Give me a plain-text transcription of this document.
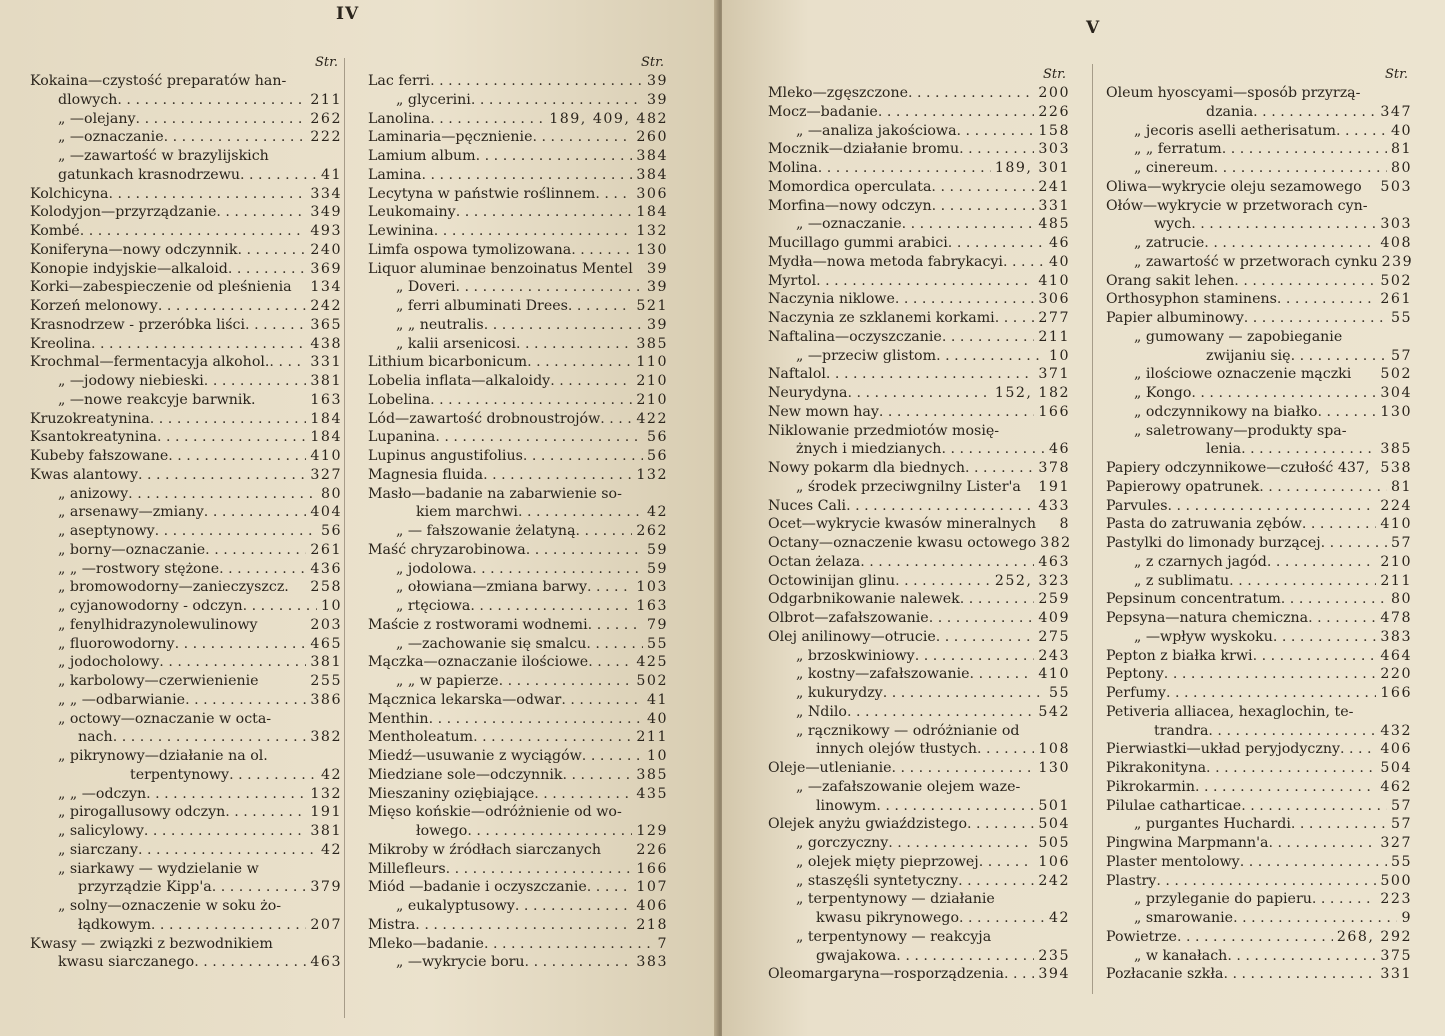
IV
Str.
Kokaina—czystość preparatów han-
dlowych . . .	211
„ —olejany . . .	262
„ —oznaczanie . . .	222
„ —zawartość w brazylijskich
gatunkach krasnodrzewu . . .	41
Kolchicyna . . .	334
Kolodyjon—przyrządzanie . . .	349
Kombé . . .	493
Koniferyna—nowy odczynnik . . .	240
Konopie indyjskie—alkaloid . . .	369
Korki—zabespieczenie od pleśnienia 134
Korzeń melonowy . . .	242
Krasnodrzew - przeróbka liści . . .	365
Kreolina . . .	438
Krochmal—fermentacyja alkohol. . . .	331
„ —jodowy niebieski . . .	381
„ —nowe reakcyje barwnik.	163
Kruzokreatynina . . .	184
Ksantokreatynina . . .	184
Kubeby fałszowane . . .	410
Kwas alantowy . . .	327
„ anizowy . . .	80
„ arsenawy—zmiany . . .	404
„ aseptynowy . . .	56
„ borny—oznaczanie . . .	261
„ „ —rostwory stężone . . .	436
„ bromowodorny—zanieczyszcz. 258
„ cyjanowodorny - odczyn . . .	10
„ fenylhidrazynolewulinowy	203
„ fluorowodorny . . .	465
„ jodocholowy . . .	381
„ karbolowy—czerwienienie	255
„ „ —odbarwianie . . .	386
„ octowy—oznaczanie w octa-
nach . . .	382
„ pikrynowy—działanie na ol.
terpentynowy . . .	42
„ „ —odczyn . . .	132
„ pirogallusowy odczyn . . .	191
„ salicylowy . . .	381
„ siarczany . . .	42
„ siarkawy — wydzielanie w
przyrządzie Kipp'a . . .	379
„ solny—oznaczenie w soku żo-
łądkowym . . .	207
Kwasy — związki z bezwodnikiem
kwasu siarczanego . . .	463
Str.
Lac ferri . . .	39
„ glycerini . . .	39
Lanolina . . .	189, 409, 482
Laminaria—pęcznienie . . .	260
Lamium album . . .	384
Lamina . . .	384
Lecytyna w państwie roślinnem . . .	306
Leukomainy . . .	184
Lewinina . . .	132
Limfa ospowa tymolizowana . . .	130
Liquor aluminae benzoinatus Mentel 39
„ Doveri . . .	39
„ ferri albuminati Drees . . .	521
„ „ neutralis . . .	39
„ kalii arsenicosi . . .	385
Lithium bicarbonicum . . .	110
Lobelia inflata—alkaloidy . . .	210
Lobelina . . .	210
Lód—zawartość drobnoustrojów . . .	422
Lupanina . . .	56
Lupinus angustifolius . . .	56
Magnesia fluida . . .	132
Masło—badanie na zabarwienie so-
kiem marchwi . . .	42
„ — fałszowanie żelatyną . . .	262
Maść chryzarobinowa . . .	59
„ jodolowa . . .	59
„ ołowiana—zmiana barwy . . .	103
„ rtęciowa . . .	163
Maście z rostworami wodnemi . . .	79
„ —zachowanie się smalcu . . .	55
Mączka—oznaczanie ilościowe . . .	425
„ „ w papierze . . .	502
Mącznica lekarska—odwar . . .	41
Menthin . . .	40
Mentholeatum . . .	211
Miedź—usuwanie z wyciągów . . .	10
Miedziane sole—odczynnik . . .	385
Mieszaniny oziębiające . . .	435
Mięso końskie—odróżnienie od wo-
łowego . . .	129
Mikroby w źródłach siarczanych 226
Millefleurs . . .	166
Miód —badanie i oczyszczanie . . .	107
„ eukalyptusowy . . .	406
Mistra . . .	218
Mleko—badanie . . .	7
„ —wykrycie boru . . .	383
V
Str.
Mleko—zgęszczone . . .	200
Mocz—badanie . . .	226
„ —analiza jakościowa . . .	158
Mocznik—działanie bromu . . .	303
Molina . . .	189, 301
Momordica operculata . . .	241
Morfina—nowy odczyn . . .	331
„ —oznaczanie . . .	485
Mucillago gummi arabici . . .	46
Mydła—nowa metoda fabrykacyi . . .	40
Myrtol . . .	410
Naczynia niklowe . . .	306
Naczynia ze szklanemi korkami . . .	277
Naftalina—oczyszczanie . . .	211
„ —przeciw glistom . . .	10
Naftalol . . .	371
Neurydyna . . .	152, 182
New mown hay . . .	166
Niklowanie przedmiotów mosię-
żnych i miedzianych . . .	46
Nowy pokarm dla biednych . . .	378
„ środek przeciwgnilny Lister'a 191
Nuces Cali . . .	433
Ocet—wykrycie kwasów mineralnych 8
Octany—oznaczenie kwasu octowego 382
Octan żelaza . . .	463
Octowinijan glinu . . .	252, 323
Odgarbnikowanie nalewek . . .	259
Olbrot—zafałszowanie . . .	409
Olej anilinowy—otrucie . . .	275
„ brzoskwiniowy . . .	243
„ kostny—zafałszowanie . . .	410
„ kukurydzy . . .	55
„ Ndilo . . .	542
„ rącznikowy — odróżnianie od
innych olejów tłustych . . .	108
Oleje—utlenianie . . .	130
„ —zafałszowanie olejem waze-
linowym . . .	501
Olejek anyżu gwiaździstego . . .	504
„ gorczyczny . . .	505
„ olejek mięty pieprzowej . . .	106
„ staszęśli syntetyczny . . .	242
„ terpentynowy — działanie
kwasu pikrynowego . . .	42
„ terpentynowy — reakcyja
gwajakowa . . .	235
Oleomargaryna—rosporządzenia . . . 394
Str.
Oleum hyoscyami—sposób przyrzą-
dzania . . .	347
„ jecoris aselli aetherisatum . . .	40
„ „ ferratum . . .	81
„ cinereum . . .	80
Oliwa—wykrycie oleju sezamowego 503
Ołów—wykrycie w przetworach cyn-
wych . . .	303
„ zatrucie . . .	408
„ zawartość w przetworach cynku 239
Orang sakit lehen . . .	502
Orthosyphon staminens . . .	261
Papier albuminowy . . .	55
„ gumowany — zapobieganie
zwijaniu się . . .	57
„ ilościowe oznaczenie mączki 502
„ Kongo . . .	304
„ odczynnikowy na białko . . .	130
„ saletrowany—produkty spa-
lenia . . .	385
Papiery odczynnikowe—czułość 437, 538
Papierowy opatrunek . . .	81
Parvules . . .	224
Pasta do zatruwania zębów . . .	410
Pastylki do limonady burzącej . . .	57
„ z czarnych jagód . . .	210
„ z sublimatu . . .	211
Pepsinum concentratum . . .	80
Pepsyna—natura chemiczna . . .	478
„ —wpływ wyskoku . . .	383
Pepton z białka krwi . . .	464
Peptony . . .	220
Perfumy . . .	166
Petiveria alliacea, hexaglochin, te-
trandra . . .	432
Pierwiastki—układ peryjodyczny . . .	406
Pikrakonityna . . .	504
Pikrokarmin . . .	462
Pilulae catharticae . . .	57
„ purgantes Huchardi . . .	57
Pingwina Marpmann'a . . .	327
Plaster mentolowy . . .	55
Plastry . . .	500
„ przyleganie do papieru . . .	223
„ smarowanie . . .	9
Powietrze . . .	268, 292
„ w kanałach . . .	375
Pozłacanie szkła . . .	331
